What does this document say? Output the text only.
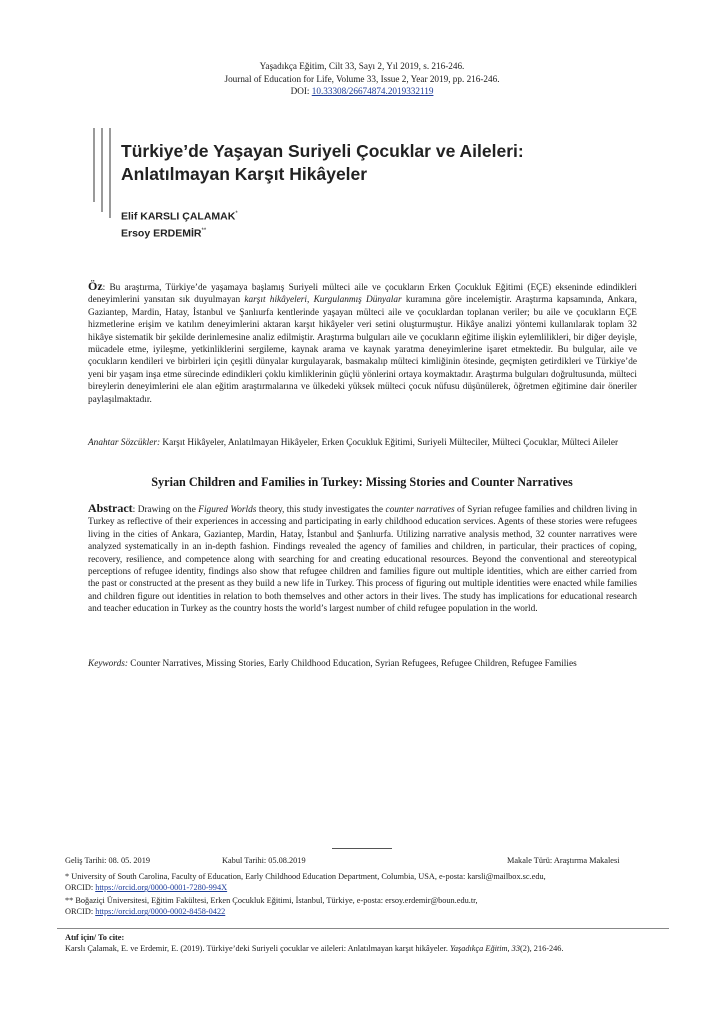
Yaşadıkça Eğitim, Cilt 33, Sayı 2, Yıl 2019, s. 216-246.
Journal of Education for Life, Volume 33, Issue 2, Year 2019, pp. 216-246.
DOI: 10.33308/26674874.2019332119
Türkiye’de Yaşayan Suriyeli Çocuklar ve Aileleri:
Anlatılmayan Karşıt Hikâyeler
Elif KARSLI ÇALAMAK*
Ersoy ERDEMİR**
Öz: Bu araştırma, Türkiye’de yaşamaya başlamış Suriyeli mülteci aile ve çocukların Erken Çocukluk Eğitimi (EÇE) ekseninde edindikleri deneyimlerini yansıtan sık duyulmayan karşıt hikâyeleri, Kurgulanmış Dünyalar kuramına göre incelemiştir. Araştırma kapsamında, Ankara, Gaziantep, Mardin, Hatay, İstanbul ve Şanlıurfa kentlerinde yaşayan mülteci aile ve çocuklardan toplanan veriler; bu aile ve çocukların EÇE hizmetlerine erişim ve katılım deneyimlerini aktaran karşıt hikâyeler veri setini oluşturmuştur. Hikâye analizi yöntemi kullanılarak toplam 32 hikâye sistematik bir şekilde derinlemesine analiz edilmiştir. Araştırma bulguları aile ve çocukların eğitime ilişkin eylemlilikleri, bir diğer deyişle, mücadele etme, iyileşme, yetkinliklerini sergileme, kaynak arama ve kaynak yaratma deneyimlerine işaret etmektedir. Bu bulgular, aile ve çocukların kendileri ve birbirleri için çeşitli dünyalar kurgulayarak, basmakalıp mülteci kimliğinin ötesinde, geçmişten getirdikleri ve Türkiye’de yeni bir yaşam inşa etme sürecinde edindikleri çoklu kimliklerinin güçlü yönlerini ortaya koymaktadır. Araştırma bulguları doğrultusunda, mülteci bireylerin deneyimlerini ele alan eğitim araştırmalarına ve ülkedeki yüksek mülteci çocuk nüfusu düşünülerek, öğretmen eğitimine dair öneriler paylaşılmaktadır.
Anahtar Sözcükler: Karşıt Hikâyeler, Anlatılmayan Hikâyeler, Erken Çocukluk Eğitimi, Suriyeli Mülteciler, Mülteci Çocuklar, Mülteci Aileler
Syrian Children and Families in Turkey: Missing Stories and Counter Narratives
Abstract: Drawing on the Figured Worlds theory, this study investigates the counter narratives of Syrian refugee families and children living in Turkey as reflective of their experiences in accessing and participating in early childhood education services. Agents of these stories were refugees living in the cities of Ankara, Gaziantep, Mardin, Hatay, İstanbul and Şanlıurfa. Utilizing narrative analysis method, 32 counter narratives were analyzed systematically in an in-depth fashion. Findings revealed the agency of families and children, in particular, their practices of coping, recovery, resilience, and competence along with searching for and creating educational resources. Beyond the conventional and stereotypical perceptions of refugee identity, findings also show that refugee children and families figure out multiple identities, which are either carried from the past or constructed at the present as they build a new life in Turkey. This process of figuring out multiple identities were enacted while families and children figure out identities in relation to both themselves and other actors in their lives. The study has implications for educational research and teacher education in Turkey as the country hosts the world’s largest number of child refugee population in the world.
Keywords: Counter Narratives, Missing Stories, Early Childhood Education, Syrian Refugees, Refugee Children, Refugee Families
Geliş Tarihi: 08. 05. 2019	Kabul Tarihi: 05.08.2019	Makale Türü: Araştırma Makalesi
* University of South Carolina, Faculty of Education, Early Childhood Education Department, Columbia, USA, e-posta: karsli@mailbox.sc.edu,
ORCID: https://orcid.org/0000-0001-7280-994X
** Boğaziçi Üniversitesi, Eğitim Fakültesi, Erken Çocukluk Eğitimi, İstanbul, Türkiye, e-posta: ersoy.erdemir@boun.edu.tr,
ORCID: https://orcid.org/0000-0002-8458-0422
Atıf için/ To cite:
Karslı Çalamak, E. ve Erdemir, E. (2019). Türkiye’deki Suriyeli çocuklar ve aileleri: Anlatılmayan karşıt hikâyeler. Yaşadıkça Eğitim, 33(2), 216-246.
